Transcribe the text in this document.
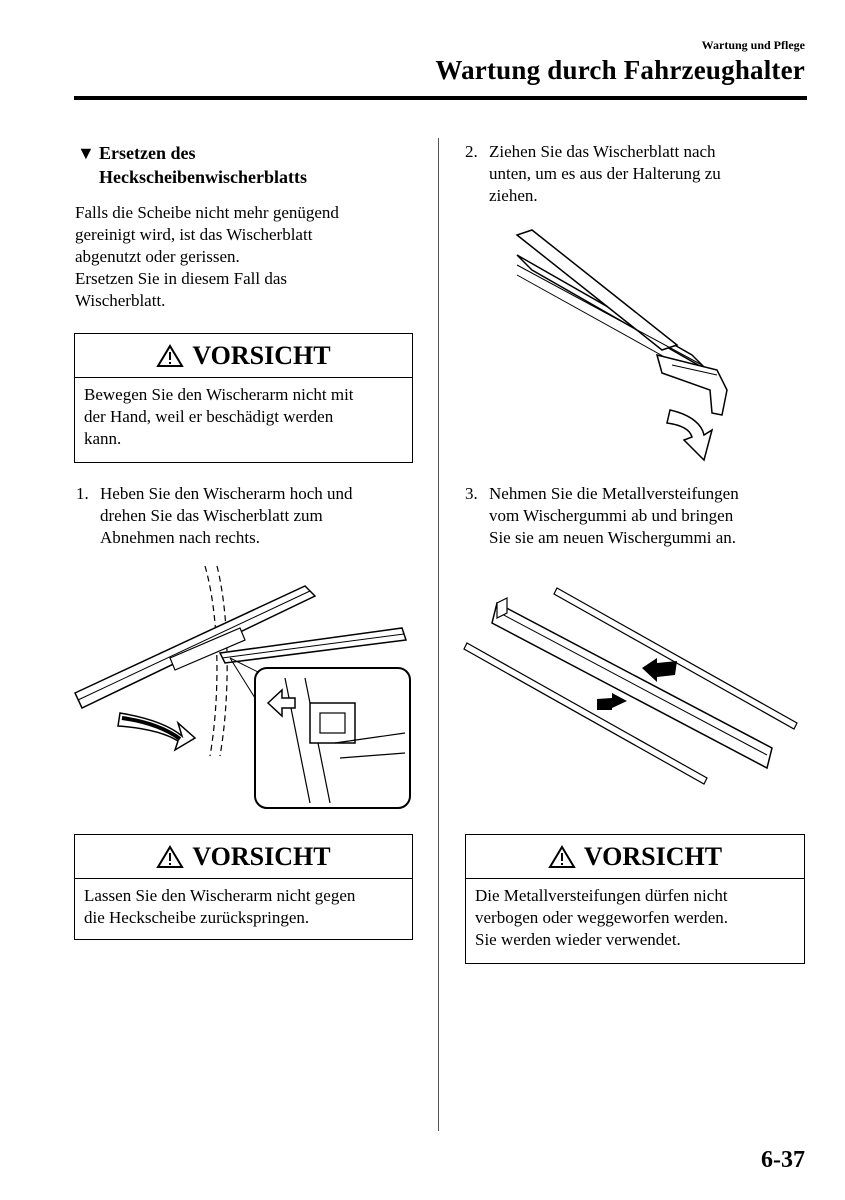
Wartung und Pflege
Wartung durch Fahrzeughalter
▼ Ersetzen des
Heckscheibenwischerblatts
Falls die Scheibe nicht mehr genügend
gereinigt wird, ist das Wischerblatt
abgenutzt oder gerissen.
Ersetzen Sie in diesem Fall das
Wischerblatt.
VORSICHT
Bewegen Sie den Wischerarm nicht mit
der Hand, weil er beschädigt werden
kann.
1. Heben Sie den Wischerarm hoch und
drehen Sie das Wischerblatt zum
Abnehmen nach rechts.
VORSICHT
Lassen Sie den Wischerarm nicht gegen
die Heckscheibe zurückspringen.
2. Ziehen Sie das Wischerblatt nach
unten, um es aus der Halterung zu
ziehen.
3. Nehmen Sie die Metallversteifungen
vom Wischergummi ab und bringen
Sie sie am neuen Wischergummi an.
VORSICHT
Die Metallversteifungen dürfen nicht
verbogen oder weggeworfen werden.
Sie werden wieder verwendet.
6-37
